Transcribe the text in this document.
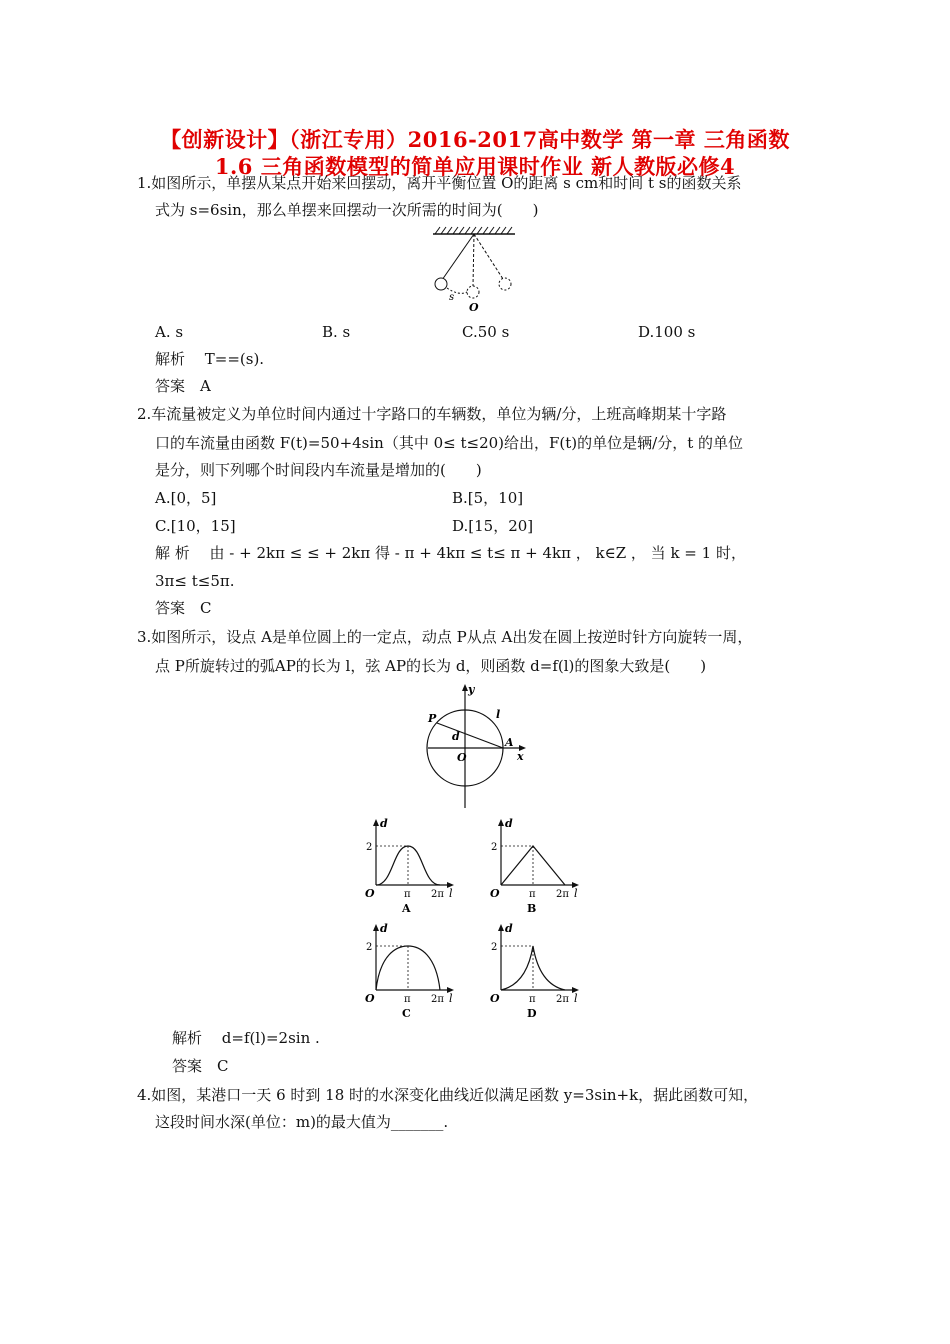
【创新设计】（浙江专用）2016-2017高中数学 第一章 三角函数
1.6 三角函数模型的简单应用课时作业 新人教版必修4
1.如图所示，单摆从某点开始来回摆动，离开平衡位置 O的距离 s cm和时间 t s的函数关系
式为 s=6sin，那么单摆来回摆动一次所需的时间为(　　)
s
O
A. s	B. s	C.50 s	D.100 s
解析　 T==(s).
答案　A
2.车流量被定义为单位时间内通过十字路口的车辆数，单位为辆/分，上班高峰期某十字路
口的车流量由函数 F(t)=50+4sin（其中 0≤ t≤20)给出，F(t)的单位是辆/分，t 的单位
是分，则下列哪个时间段内车流量是增加的(　　)
A.[0，5]	B.[5，10]
C.[10，15]	D.[15，20]
解 析　 由 - + 2kπ ≤ ≤ + 2kπ 得 - π + 4kπ ≤ t≤ π + 4kπ ， k∈Z ， 当 k = 1 时，
3π≤ t≤5π.
答案　C
3.如图所示，设点 A是单位圆上的一定点，动点 P从点 A出发在圆上按逆时针方向旋转一周，
点 P所旋转过的弧AP的长为 l，弦 AP的长为 d，则函数 d=f(l)的图象大致是(　　)
y
x
P	l
d	A
O
d
2
O	π 2π l
A
d
2
O	π 2π l
B
d
2
O	π 2π l
C
d
2
O	π 2π l
D
解析　 d=f(l)=2sin .
答案　C
4.如图，某港口一天 6 时到 18 时的水深变化曲线近似满足函数 y=3sin+k，据此函数可知，
这段时间水深(单位：m)的最大值为_______.
